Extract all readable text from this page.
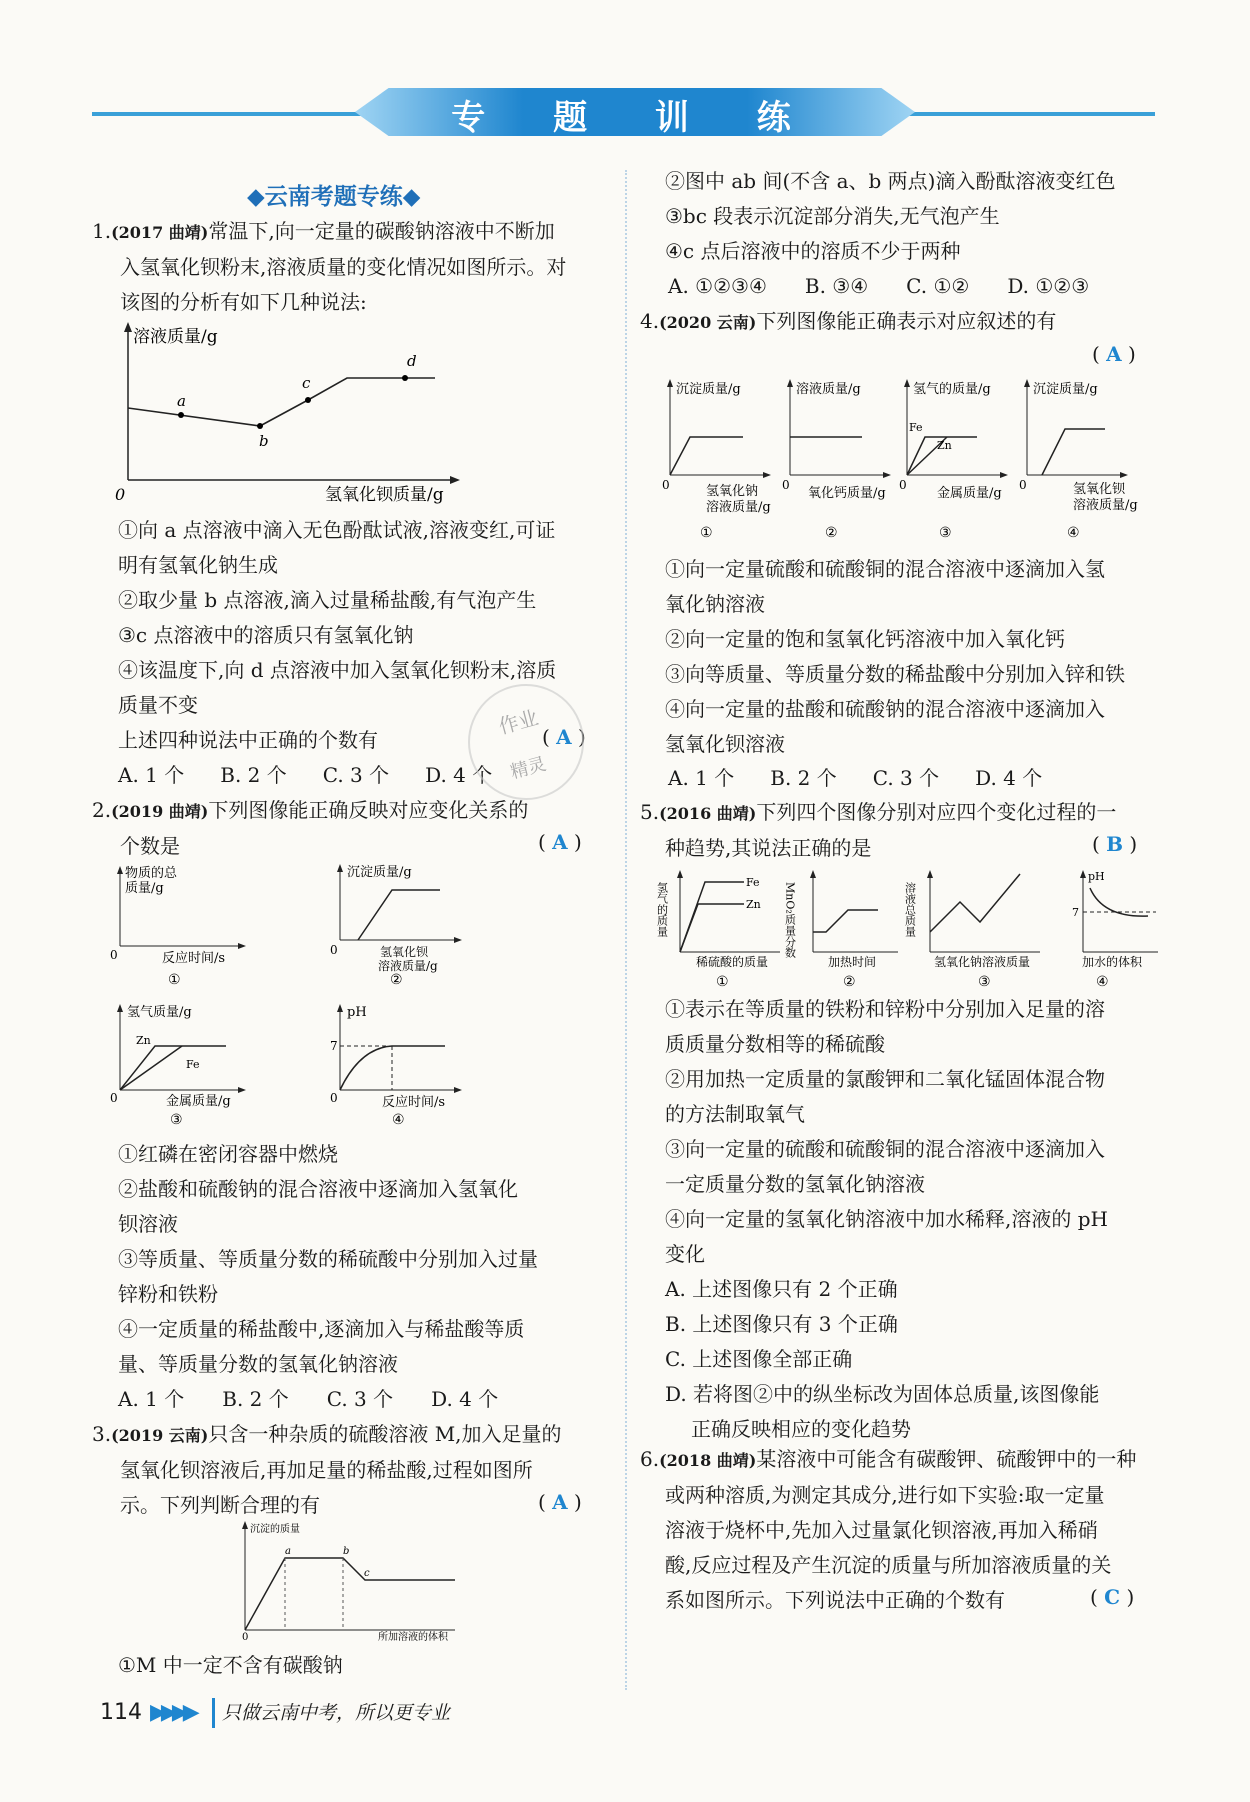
专 题 训 练
◆云南考题专练◆
1.(2017 曲靖)常温下,向一定量的碳酸钠溶液中不断加
入氢氧化钡粉末,溶液质量的变化情况如图所示。对
该图的分析有如下几种说法:
a
b
c
d
溶液质量/g
氢氧化钡质量/g
0
①向 a 点溶液中滴入无色酚酞试液,溶液变红,可证
明有氢氧化钠生成
②取少量 b 点溶液,滴入过量稀盐酸,有气泡产生
③c 点溶液中的溶质只有氢氧化钠
④该温度下,向 d 点溶液中加入氢氧化钡粉末,溶质
质量不变
上述四种说法中正确的个数有	( A )
A. 1 个 B. 2 个 C. 3 个 D. 4 个
作业
精灵
2.(2019 曲靖)下列图像能正确反映对应变化关系的
个数是	( A )
物质的总
质量/g
0	反应时间/s
①
沉淀质量/g
0	氢氧化钡
溶液质量/g
②
氢气质量/g
Zn
Fe
0	金属质量/g
③
pH
7
0	反应时间/s
④
①红磷在密闭容器中燃烧
②盐酸和硫酸钠的混合溶液中逐滴加入氢氧化
钡溶液
③等质量、等质量分数的稀硫酸中分别加入过量
锌粉和铁粉
④一定质量的稀盐酸中,逐滴加入与稀盐酸等质
量、等质量分数的氢氧化钠溶液
A. 1 个 B. 2 个 C. 3 个 D. 4 个
3.(2019 云南)只含一种杂质的硫酸溶液 M,加入足量的
氢氧化钡溶液后,再加足量的稀盐酸,过程如图所
示。下列判断合理的有	( A )
沉淀的质量
a	b
c
0	所加溶液的体积
①M 中一定不含有碳酸钠
②图中 ab 间(不含 a、b 两点)滴入酚酞溶液变红色
③bc 段表示沉淀部分消失,无气泡产生
④c 点后溶液中的溶质不少于两种
A. ①②③④ B. ③④ C. ①② D. ①②③
4.(2020 云南)下列图像能正确表示对应叙述的有
( A )
沉淀质量/g
0	氢氧化钠
溶液质量/g
①
溶液质量/g
0
氧化钙质量/g
②
氢气的质量/g
Fe
Zn
0
金属质量/g
③
沉淀质量/g
0	氢氧化钡
溶液质量/g
④
①向一定量硫酸和硫酸铜的混合溶液中逐滴加入氢
氧化钠溶液
②向一定量的饱和氢氧化钙溶液中加入氧化钙
③向等质量、等质量分数的稀盐酸中分别加入锌和铁
④向一定量的盐酸和硫酸钠的混合溶液中逐滴加入
氢氧化钡溶液
A. 1 个 B. 2 个 C. 3 个 D. 4 个
5.(2016 曲靖)下列四个图像分别对应四个变化过程的一
种趋势,其说法正确的是	( B )
Fe
Zn
氢气的质量
稀硫酸的质量
①
MnO₂质量分数
加热时间
②
溶液总质量
氢氧化钠溶液质量
③
pH
7
加水的体积
④
①表示在等质量的铁粉和锌粉中分别加入足量的溶
质质量分数相等的稀硫酸
②用加热一定质量的氯酸钾和二氧化锰固体混合物
的方法制取氧气
③向一定量的硫酸和硫酸铜的混合溶液中逐滴加入
一定质量分数的氢氧化钠溶液
④向一定量的氢氧化钠溶液中加水稀释,溶液的 pH
变化
A. 上述图像只有 2 个正确
B. 上述图像只有 3 个正确
C. 上述图像全部正确
D. 若将图②中的纵坐标改为固体总质量,该图像能
正确反映相应的变化趋势
6.(2018 曲靖)某溶液中可能含有碳酸钾、硫酸钾中的一种
或两种溶质,为测定其成分,进行如下实验:取一定量
溶液于烧杯中,先加入过量氯化钡溶液,再加入稀硝
酸,反应过程及产生沉淀的质量与所加溶液质量的关
系如图所示。下列说法中正确的个数有	( C )
114 ▶▶▶▶ 只做云南中考，所以更专业
